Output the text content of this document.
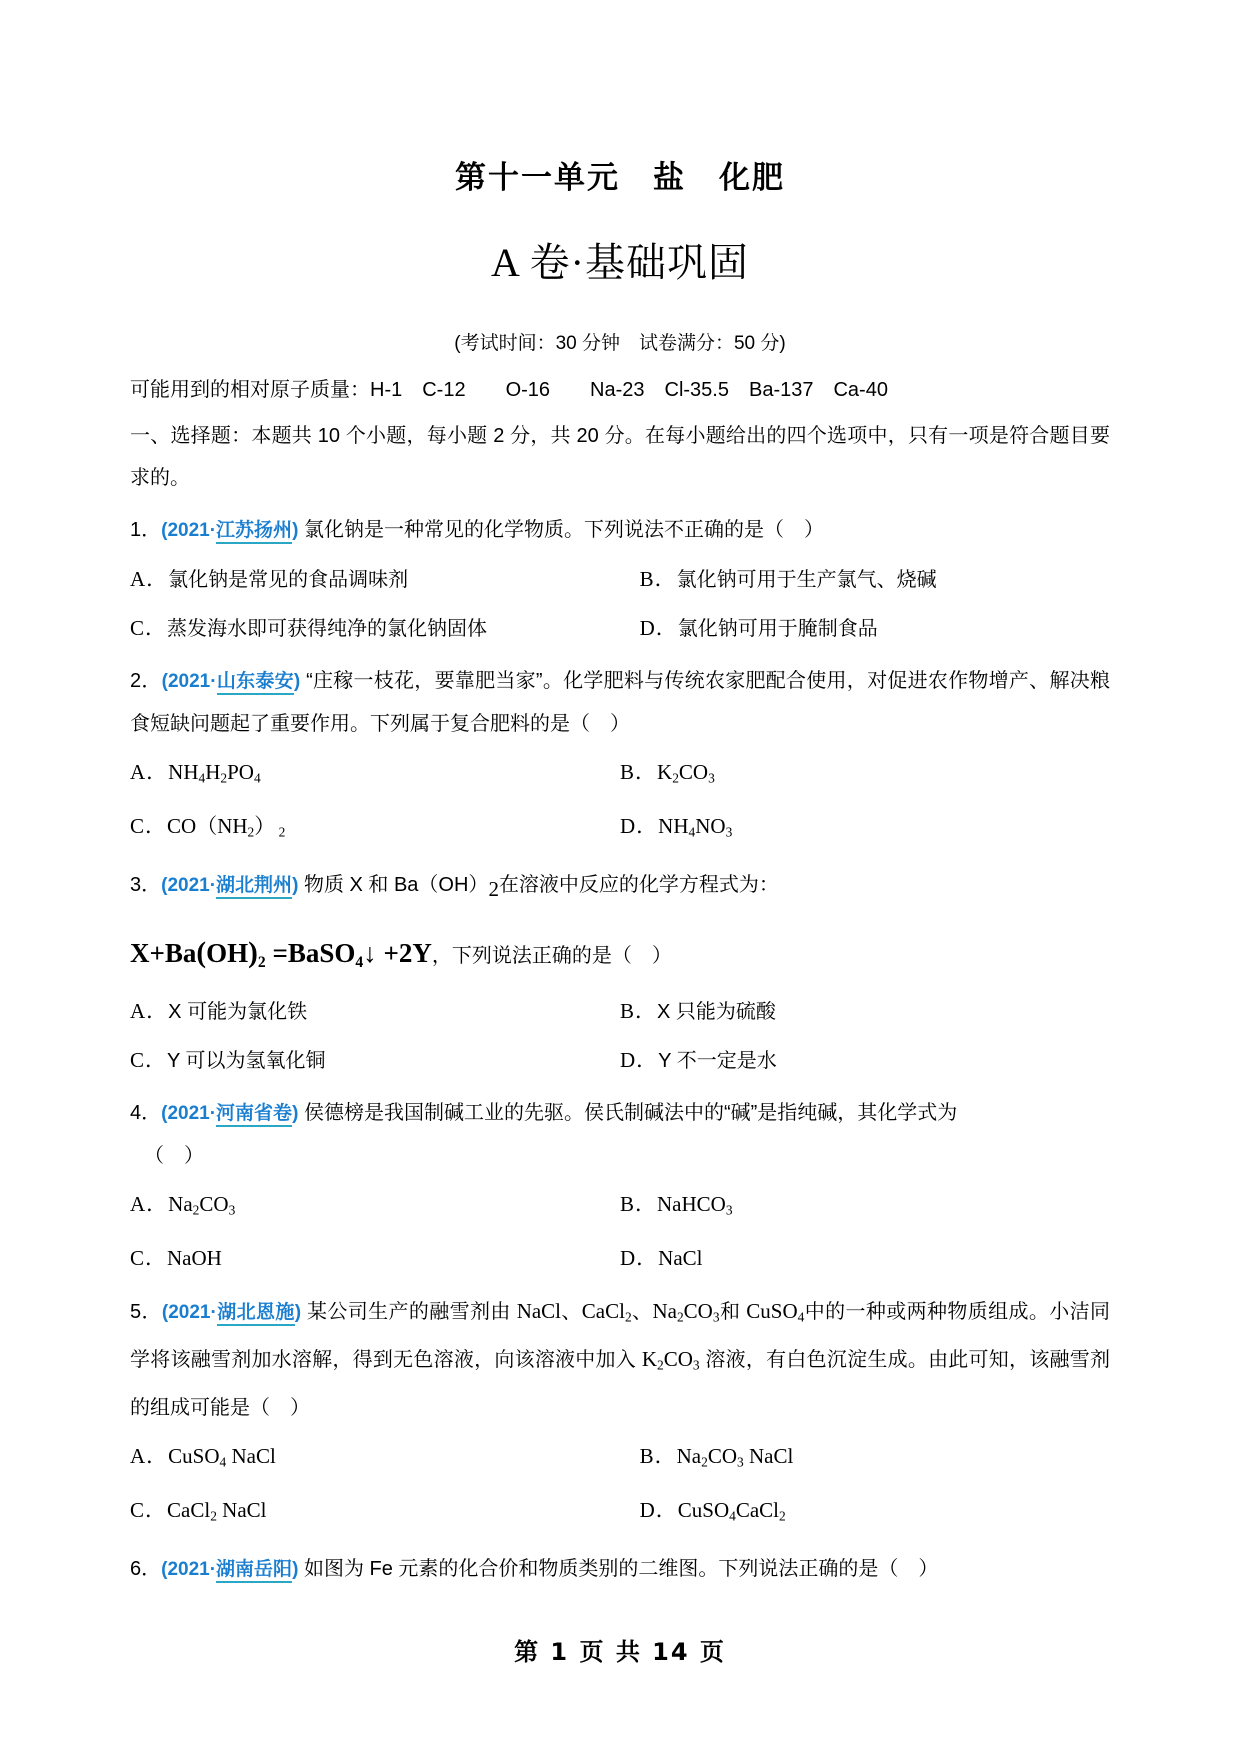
第十一单元　盐　化肥
A 卷·基础巩固

(考试时间：30 分钟　试卷满分：50 分)

可能用到的相对原子质量：H-1　C-12　　O-16　　Na-23　Cl-35.5　Ba-137　Ca-40

一、选择题：本题共 10 个小题，每小题 2 分，共 20 分。在每小题给出的四个选项中，只有一项是符合题目要求的。

1．(2021·江苏扬州) 氯化钠是一种常见的化学物质。下列说法不正确的是（　）

A．氯化钠是常见的食品调味剂	B．氯化钠可用于生产氯气、烧碱
C．蒸发海水即可获得纯净的氯化钠固体	D．氯化钠可用于腌制食品

2．(2021·山东泰安) “庄稼一枝花，要靠肥当家”。化学肥料与传统农家肥配合使用，对促进农作物增产、解决粮食短缺问题起了重要作用。下列属于复合肥料的是（　）

A．$NH_4H_2PO_4$	B．$K_2CO_3$
C．$CO(NH_2)$ $_2$	D．$NH_4NO_3$

3．(2021·湖北荆州) 物质 X 和 $Ba(OH)_2$在溶液中反应的化学方程式为：

$X+Ba(OH)_2$ =BaSO$_4$↓ +2Y，下列说法正确的是（　）
A．X 可能为氯化铁	B．X 只能为硫酸
C．Y 可以为氢氧化铜	D．Y 不一定是水

4．(2021·河南省卷) 侯德榜是我国制碱工业的先驱。侯氏制碱法中的“碱”是指纯碱，其化学式为

（　）

A．$Na_2CO_3$	B．NaHCO$_3$
C．NaOH	D．NaCl

5．(2021·湖北恩施) 某公司生产的融雪剂由 NaCl、CaCl$_2$、$Na_2CO_3$和 CuSO$_4$中的一种或两种物质组成。小洁同学将该融雪剂加水溶解，得到无色溶液，向该溶液中加入 $K_2CO_3$ 溶液，有白色沉淀生成。由此可知，该融雪剂的组成可能是（　）

A．CuSO$_4$ NaCl	B．$Na_2CO_3$ NaCl
C．CaCl$_2$ NaCl	D．CuSO$_4$CaCl$_2$

6．(2021·湖南岳阳) 如图为 Fe 元素的化合价和物质类别的二维图。下列说法正确的是（　）

第 1 页 共 14 页
